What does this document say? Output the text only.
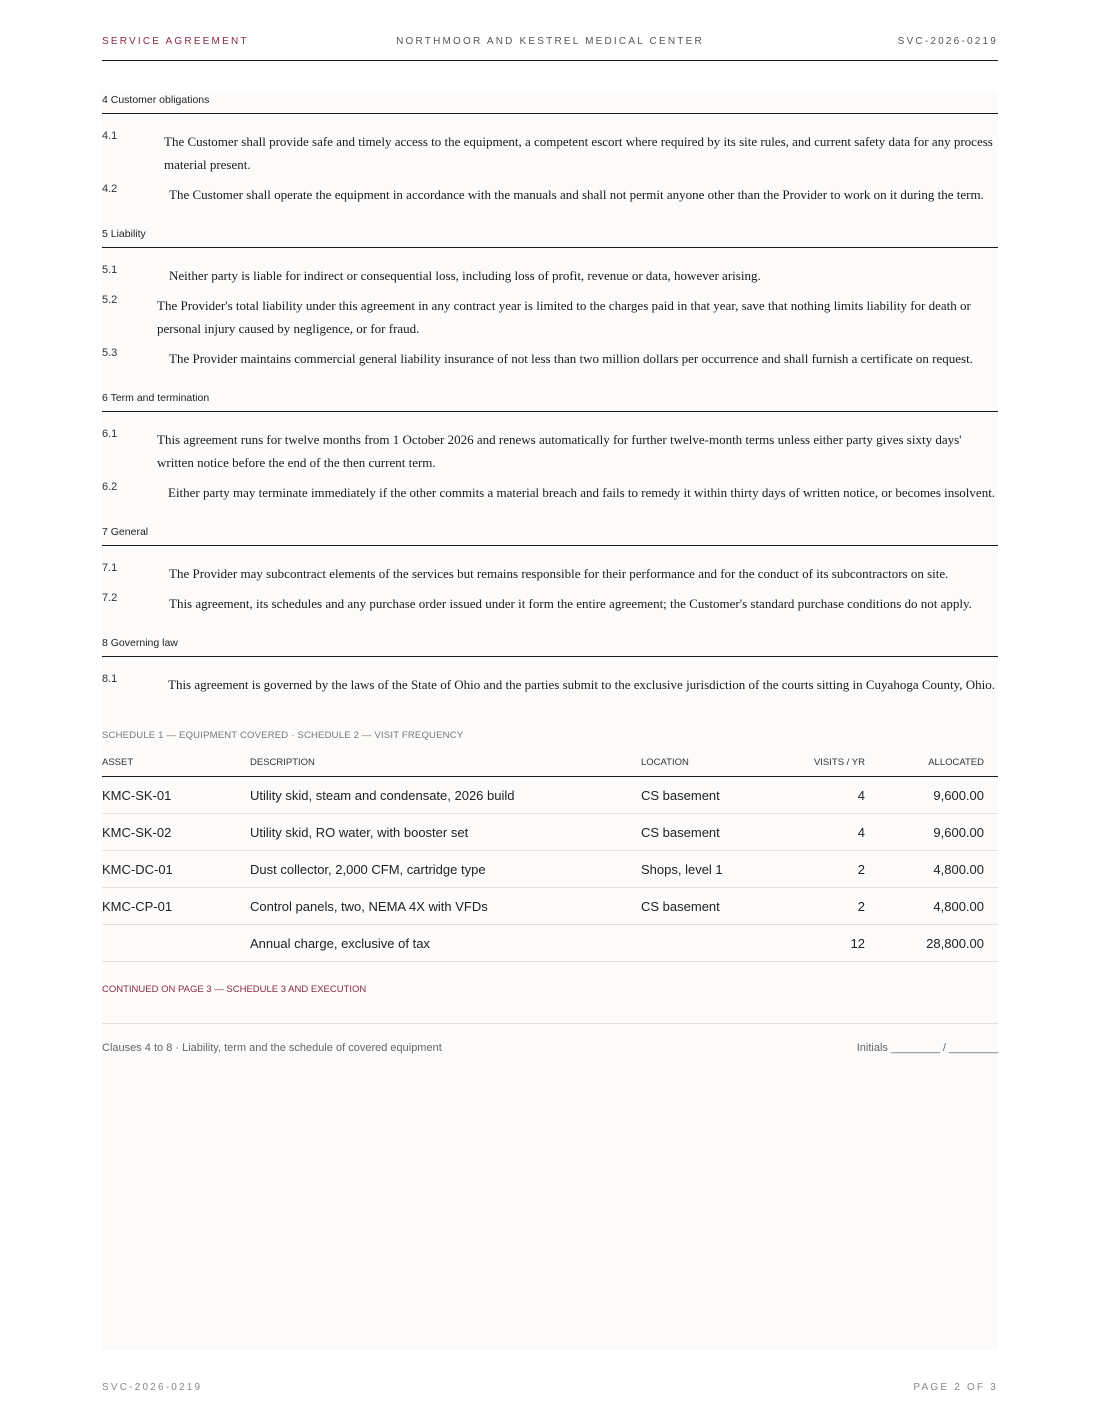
SERVICE AGREEMENT	NORTHMOOR AND KESTREL MEDICAL CENTER	SVC-2026-0219
4 Customer obligations
4.1	The Customer shall provide safe and timely access to the equipment, a competent escort where required by its site rules, and current safety data for any process material present.
4.2	The Customer shall operate the equipment in accordance with the manuals and shall not permit anyone other than the Provider to work on it during the term.
5 Liability
5.1	Neither party is liable for indirect or consequential loss, including loss of profit, revenue or data, however arising.
5.2	The Provider's total liability under this agreement in any contract year is limited to the charges paid in that year, save that nothing limits liability for death or personal injury caused by negligence, or for fraud.
5.3	The Provider maintains commercial general liability insurance of not less than two million dollars per occurrence and shall furnish a certificate on request.
6 Term and termination
6.1	This agreement runs for twelve months from 1 October 2026 and renews automatically for further twelve-month terms unless either party gives sixty days' written notice before the end of the then current term.
6.2	Either party may terminate immediately if the other commits a material breach and fails to remedy it within thirty days of written notice, or becomes insolvent.
7 General
7.1	The Provider may subcontract elements of the services but remains responsible for their performance and for the conduct of its subcontractors on site.
7.2	This agreement, its schedules and any purchase order issued under it form the entire agreement; the Customer's standard purchase conditions do not apply.
8 Governing law
8.1	This agreement is governed by the laws of the State of Ohio and the parties submit to the exclusive jurisdiction of the courts sitting in Cuyahoga County, Ohio.
SCHEDULE 1 — EQUIPMENT COVERED · SCHEDULE 2 — VISIT FREQUENCY
ASSET	DESCRIPTION	LOCATION	VISITS / YR	ALLOCATED
KMC-SK-01	Utility skid, steam and condensate, 2026 build	CS basement	4	9,600.00
KMC-SK-02	Utility skid, RO water, with booster set	CS basement	4	9,600.00
KMC-DC-01	Dust collector, 2,000 CFM, cartridge type	Shops, level 1	2	4,800.00
KMC-CP-01	Control panels, two, NEMA 4X with VFDs	CS basement	2	4,800.00
	Annual charge, exclusive of tax		12	28,800.00
CONTINUED ON PAGE 3 — SCHEDULE 3 AND EXECUTION
Clauses 4 to 8 · Liability, term and the schedule of covered equipment	Initials ________ / ________
SVC-2026-0219	PAGE 2 OF 3
